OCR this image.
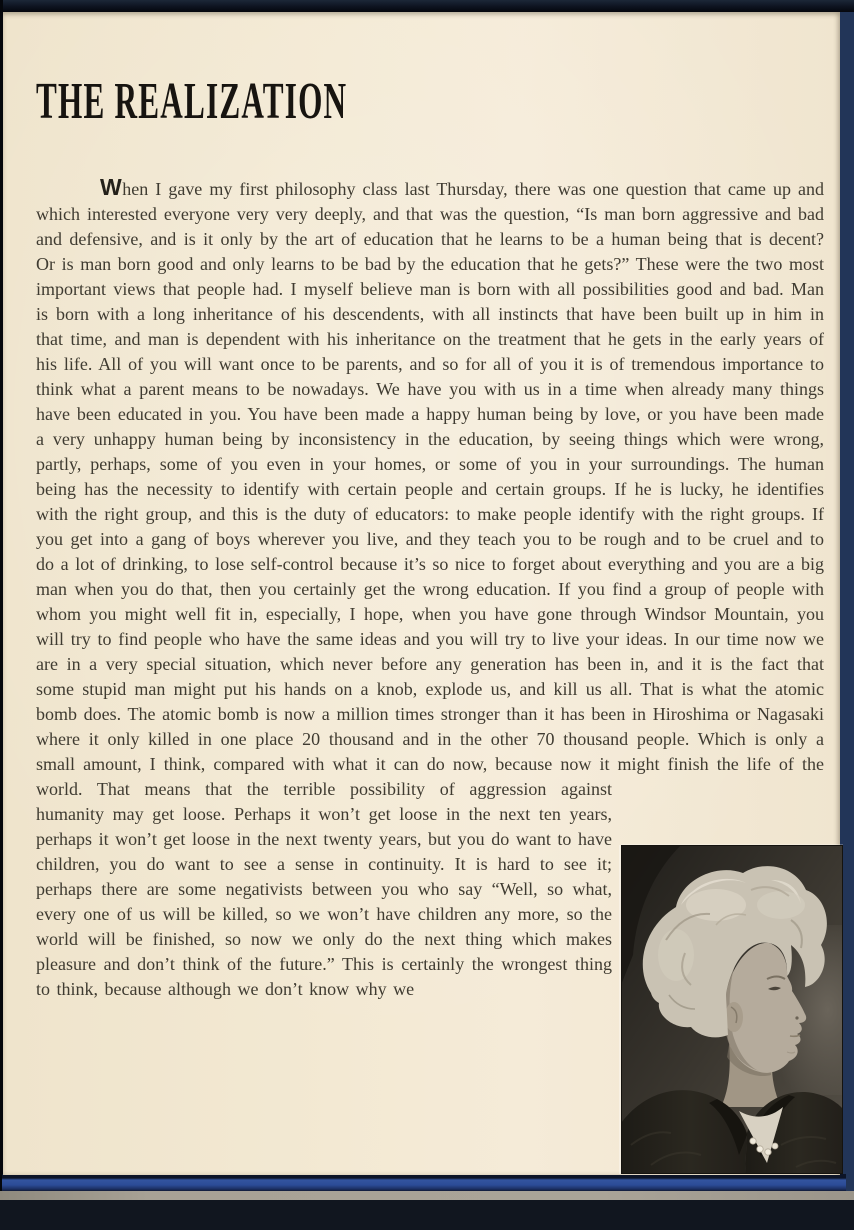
THE REALIZATION

When I gave my first philosophy class last Thursday, there was one question that came up and which interested everyone very very deeply, and that was the question, “Is man born aggressive and bad and defensive, and is it only by the art of education that he learns to be a human being that is decent? Or is man born good and only learns to be bad by the education that he gets?” These were the two most important views that people had. I myself believe man is born with all possibilities good and bad. Man is born with a long inheritance of his descendents, with all instincts that have been built up in him in that time, and man is dependent with his inheritance on the treatment that he gets in the early years of his life. All of you will want once to be parents, and so for all of you it is of tremendous importance to think what a parent means to be nowadays. We have you with us in a time when already many things have been educated in you. You have been made a happy human being by love, or you have been made a very unhappy human being by inconsistency in the education, by seeing things which were wrong, partly, perhaps, some of you even in your homes, or some of you in your surroundings. The human being has the necessity to identify with certain people and certain groups. If he is lucky, he identifies with the right group, and this is the duty of educators: to make people identify with the right groups. If you get into a gang of boys wherever you live, and they teach you to be rough and to be cruel and to do a lot of drinking, to lose self-control because it’s so nice to forget about everything and you are a big man when you do that, then you certainly get the wrong education. If you find a group of people with whom you might well fit in, especially, I hope, when you have gone through Windsor Mountain, you will try to find people who have the same ideas and you will try to live your ideas. In our time now we are in a very special situation, which never before any generation has been in, and it is the fact that some stupid man might put his hands on a knob, explode us, and kill us all. That is what the atomic bomb does. The atomic bomb is now a million times stronger than it has been in Hiroshima or Nagasaki where it only killed in one place 20 thousand and in the other 70 thousand people. Which is only a small amount, I think, compared with what it can do now, because now it might finish the life of the world. That means that the terrible possibility of aggression against humanity may get loose. Perhaps it won’t get loose in the next ten years, perhaps it won’t get loose in the next twenty years, but you do want to have children, you do want to see a sense in continuity. It is hard to see it; perhaps there are some negativists between you who say “Well, so what, every one of us will be killed, so we won’t have children any more, so the world will be finished, so now we only do the next thing which makes pleasure and don’t think of the future.” This is certainly the wrongest thing to think, because although we don’t know why we
